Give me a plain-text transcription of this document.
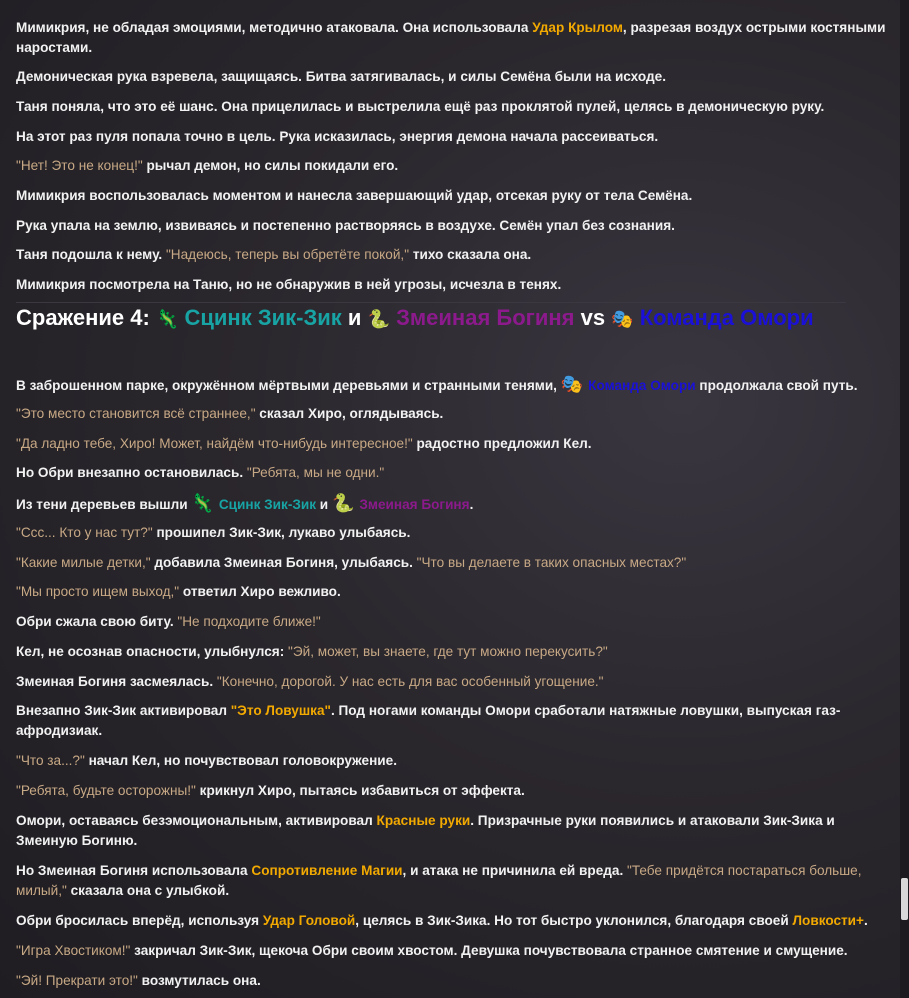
Мимикрия, не обладая эмоциями, методично атаковала. Она использовала Удар Крылом, разрезая воздух острыми костяными наростами.
Демоническая рука взревела, защищаясь. Битва затягивалась, и силы Семёна были на исходе.
Таня поняла, что это её шанс. Она прицелилась и выстрелила ещё раз проклятой пулей, целясь в демоническую руку.
На этот раз пуля попала точно в цель. Рука исказилась, энергия демона начала рассеиваться.
"Нет! Это не конец!" рычал демон, но силы покидали его.
Мимикрия воспользовалась моментом и нанесла завершающий удар, отсекая руку от тела Семёна.
Рука упала на землю, извиваясь и постепенно растворяясь в воздухе. Семён упал без сознания.
Таня подошла к нему. "Надеюсь, теперь вы обретёте покой," тихо сказала она.
Мимикрия посмотрела на Таню, но не обнаружив в ней угрозы, исчезла в тенях.
В заброшенном парке, окружённом мёртвыми деревьями и странными тенями, 🎭 Команда Омори продолжала свой путь.
"Это место становится всё страннее," сказал Хиро, оглядываясь.
"Да ладно тебе, Хиро! Может, найдём что-нибудь интересное!" радостно предложил Кел.
Но Обри внезапно остановилась. "Ребята, мы не одни."
Из тени деревьев вышли 🦎 Сцинк Зик-Зик и 🐍 Змеиная Богиня.
"Ссс... Кто у нас тут?" прошипел Зик-Зик, лукаво улыбаясь.
"Какие милые детки," добавила Змеиная Богиня, улыбаясь. "Что вы делаете в таких опасных местах?"
"Мы просто ищем выход," ответил Хиро вежливо.
Обри сжала свою биту. "Не подходите ближе!"
Кел, не осознав опасности, улыбнулся: "Эй, может, вы знаете, где тут можно перекусить?"
Змеиная Богиня засмеялась. "Конечно, дорогой. У нас есть для вас особенный угощение."
Внезапно Зик-Зик активировал "Это Ловушка". Под ногами команды Омори сработали натяжные ловушки, выпуская газ-афродизиак.
"Что за...?" начал Кел, но почувствовал головокружение.
"Ребята, будьте осторожны!" крикнул Хиро, пытаясь избавиться от эффекта.
Омори, оставаясь безэмоциональным, активировал Красные руки. Призрачные руки появились и атаковали Зик-Зика и Змеиную Богиню.
Но Змеиная Богиня использовала Сопротивление Магии, и атака не причинила ей вреда. "Тебе придётся постараться больше, милый," сказала она с улыбкой.
Обри бросилась вперёд, используя Удар Головой, целясь в Зик-Зика. Но тот быстро уклонился, благодаря своей Ловкости+.
"Игра Хвостиком!" закричал Зик-Зик, щекоча Обри своим хвостом. Девушка почувствовала странное смятение и смущение.
"Эй! Прекрати это!" возмутилась она.
Сражение 4: 🦎 Сцинк Зик-Зик и 🐍 Змеиная Богиня vs 🎭 Команда Омори
